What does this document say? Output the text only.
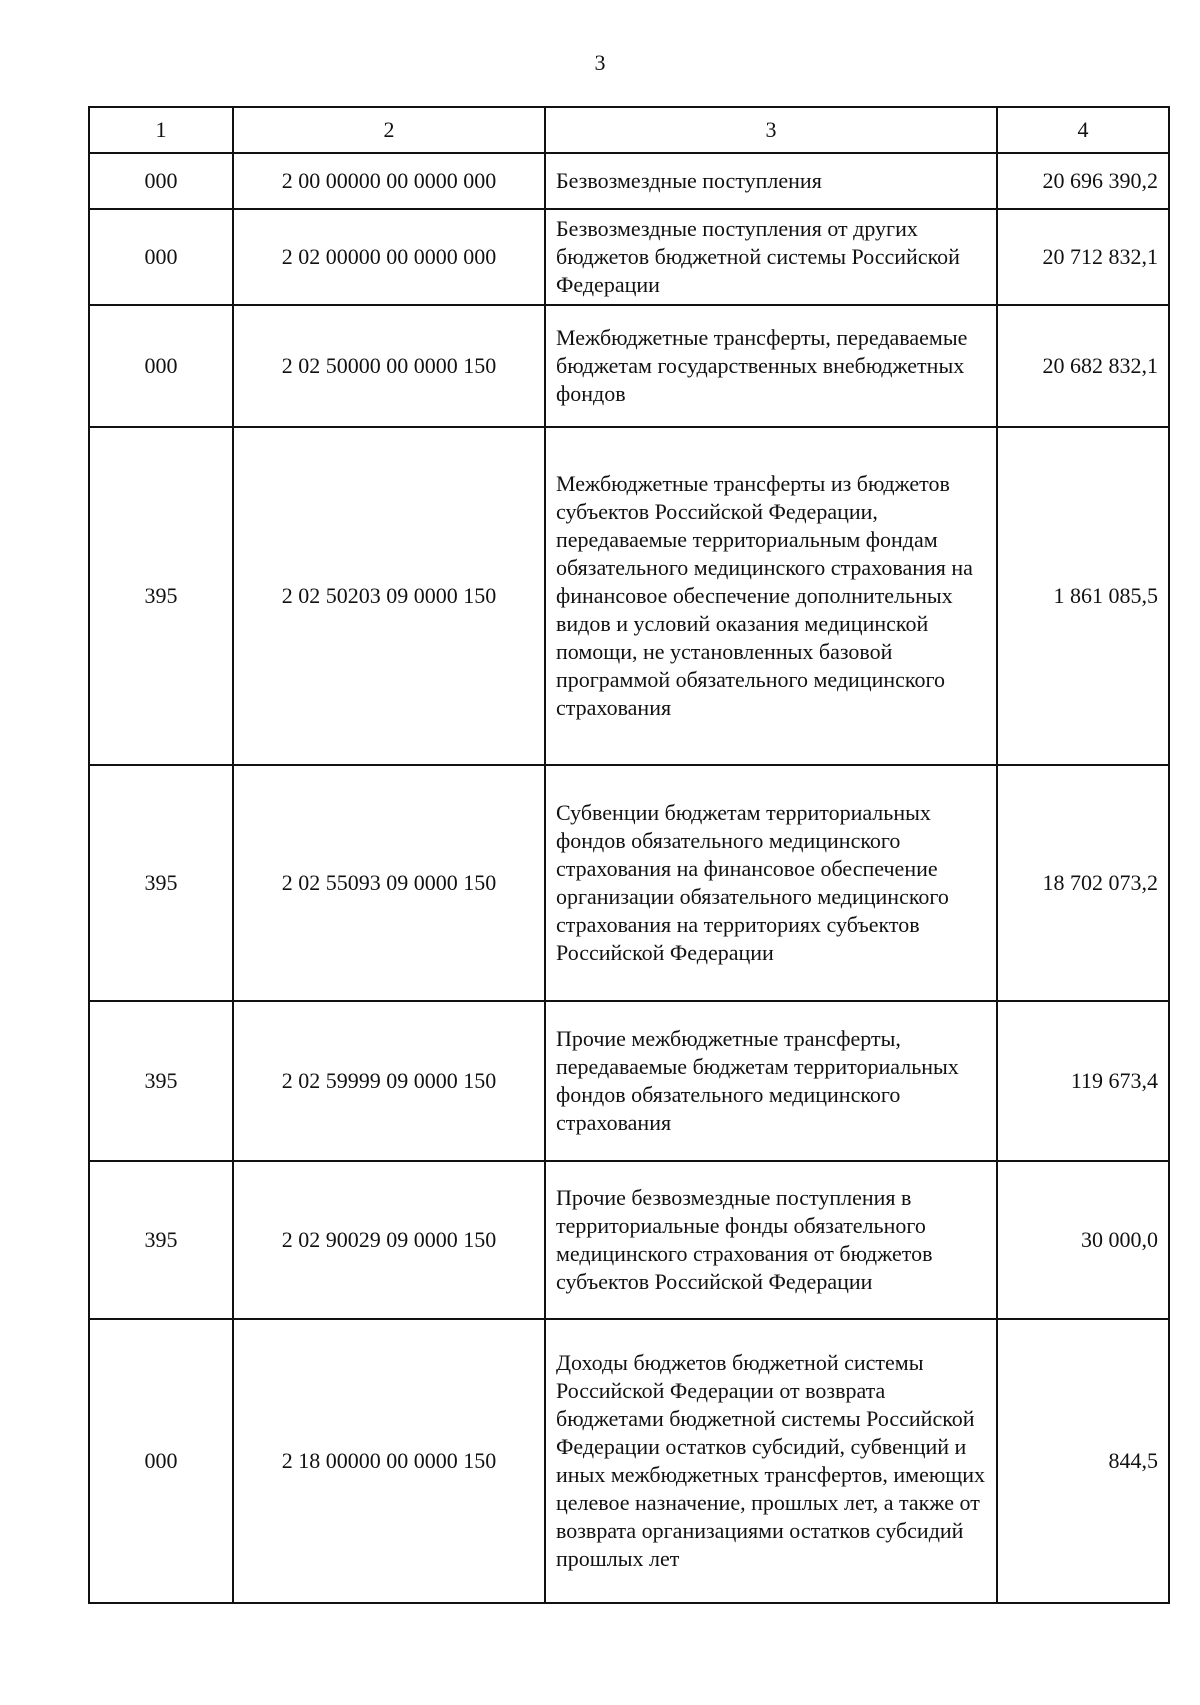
3
1	2	3	4
000	2 00 00000 00 0000 000	Безвозмездные поступления	20 696 390,2
000	2 02 00000 00 0000 000	Безвозмездные поступления от других бюджетов бюджетной системы Российской Федерации	20 712 832,1
000	2 02 50000 00 0000 150	Межбюджетные трансферты, передаваемые бюджетам государственных внебюджетных фондов	20 682 832,1
395	2 02 50203 09 0000 150	Межбюджетные трансферты из бюджетов субъектов Российской Федерации, передаваемые территориальным фондам обязательного медицинского страхования на финансовое обеспечение дополнительных видов и условий оказания медицинской помощи, не установленных базовой программой обязательного медицинского страхования	1 861 085,5
395	2 02 55093 09 0000 150	Субвенции бюджетам территориальных фондов обязательного медицинского страхования на финансовое обеспечение организации обязательного медицинского страхования на территориях субъектов Российской Федерации	18 702 073,2
395	2 02 59999 09 0000 150	Прочие межбюджетные трансферты, передаваемые бюджетам территориальных фондов обязательного медицинского страхования	119 673,4
395	2 02 90029 09 0000 150	Прочие безвозмездные поступления в территориальные фонды обязательного медицинского страхования от бюджетов субъектов Российской Федерации	30 000,0
000	2 18 00000 00 0000 150	Доходы бюджетов бюджетной системы Российской Федерации от возврата бюджетами бюджетной системы Российской Федерации остатков субсидий, субвенций и иных межбюджетных трансфертов, имеющих целевое назначение, прошлых лет, а также от возврата организациями остатков субсидий прошлых лет	844,5
